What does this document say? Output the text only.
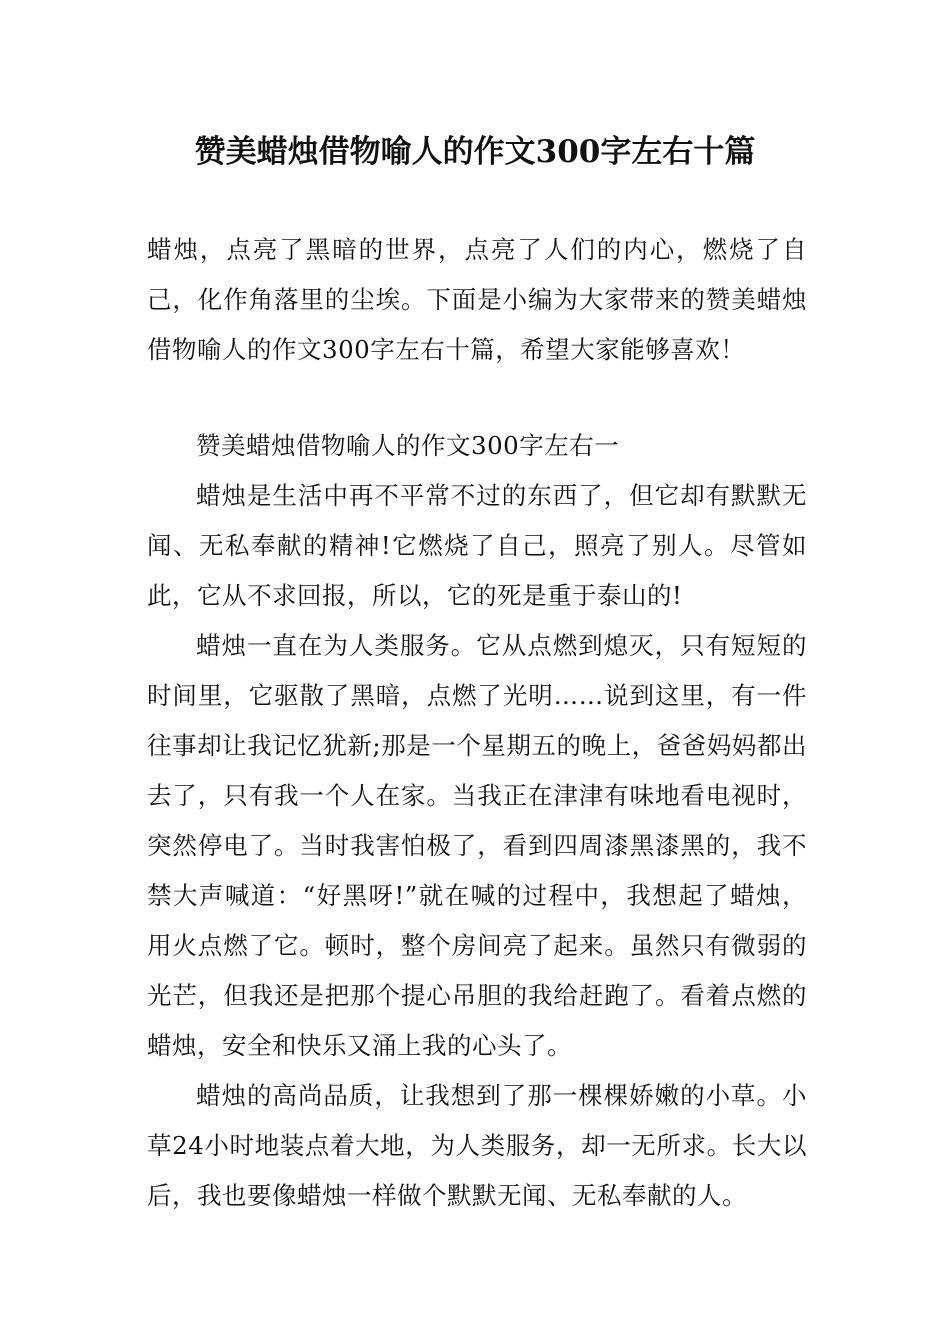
赞美蜡烛借物喻人的作文300字左右十篇

蜡烛，点亮了黑暗的世界，点亮了人们的内心，燃烧了自己，化作角落里的尘埃。下面是小编为大家带来的赞美蜡烛借物喻人的作文300字左右十篇，希望大家能够喜欢！

赞美蜡烛借物喻人的作文300字左右一

蜡烛是生活中再不平常不过的东西了，但它却有默默无闻、无私奉献的精神!它燃烧了自己，照亮了别人。尽管如此，它从不求回报，所以，它的死是重于泰山的!

蜡烛一直在为人类服务。它从点燃到熄灭，只有短短的时间里，它驱散了黑暗，点燃了光明……说到这里，有一件往事却让我记忆犹新;那是一个星期五的晚上，爸爸妈妈都出去了，只有我一个人在家。当我正在津津有味地看电视时，突然停电了。当时我害怕极了，看到四周漆黑漆黑的，我不禁大声喊道：“好黑呀!”就在喊的过程中，我想起了蜡烛，用火点燃了它。顿时，整个房间亮了起来。虽然只有微弱的光芒，但我还是把那个提心吊胆的我给赶跑了。看着点燃的蜡烛，安全和快乐又涌上我的心头了。

蜡烛的高尚品质，让我想到了那一棵棵娇嫩的小草。小草24小时地装点着大地，为人类服务，却一无所求。长大以后，我也要像蜡烛一样做个默默无闻、无私奉献的人。
